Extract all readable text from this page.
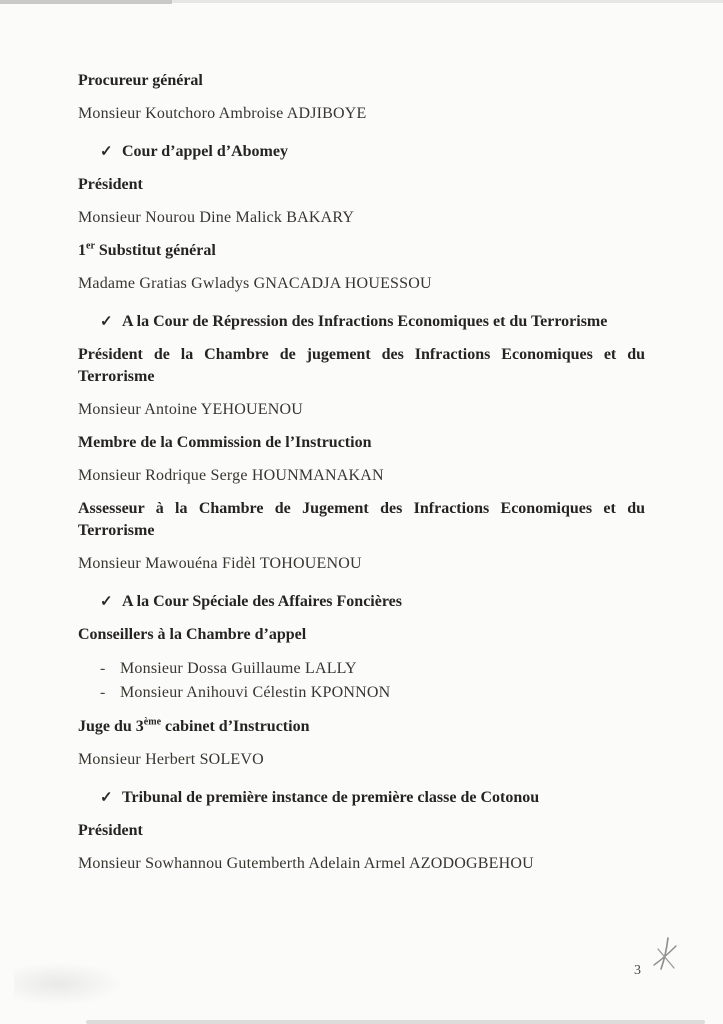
Procureur général

Monsieur Koutchoro Ambroise ADJIBOYE

✓ Cour d’appel d’Abomey

Président

Monsieur Nourou Dine Malick BAKARY

1er Substitut général

Madame Gratias Gwladys GNACADJA HOUESSOU

✓ A la Cour de Répression des Infractions Economiques et du Terrorisme

Président de la Chambre de jugement des Infractions Economiques et du Terrorisme

Monsieur Antoine YEHOUENOU

Membre de la Commission de l’Instruction

Monsieur Rodrique Serge HOUNMANAKAN

Assesseur à la Chambre de Jugement des Infractions Economiques et du Terrorisme

Monsieur Mawouéna Fidèl TOHOUENOU

✓ A la Cour Spéciale des Affaires Foncières

Conseillers à la Chambre d’appel

- Monsieur Dossa Guillaume LALLY
- Monsieur Anihouvi Célestin KPONNON

Juge du 3ème cabinet d’Instruction

Monsieur Herbert SOLEVO

✓ Tribunal de première instance de première classe de Cotonou

Président

Monsieur Sowhannou Gutemberth Adelain Armel AZODOGBEHOU

3
